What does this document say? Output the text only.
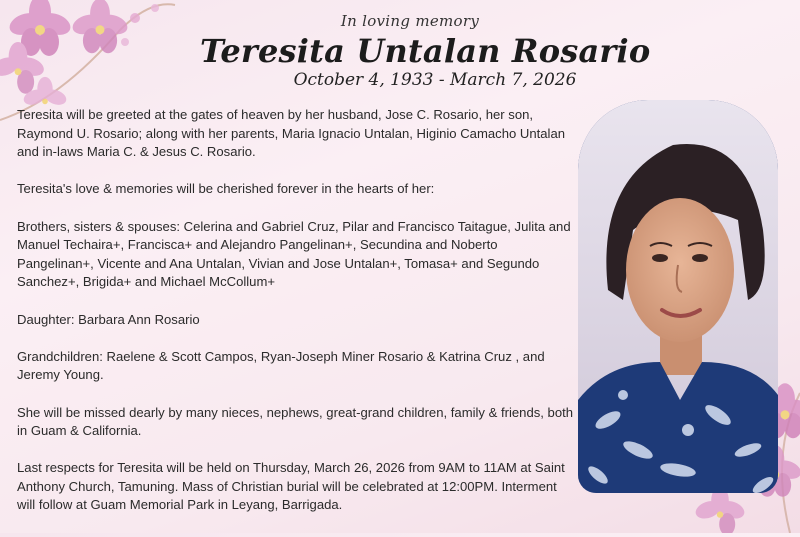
In loving memory
Teresita Untalan Rosario
October 4, 1933 - March 7, 2026

Teresita will be greeted at the gates of heaven by her husband, Jose C. Rosario, her son, Raymond U. Rosario; along with her parents, Maria Ignacio Untalan, Higinio Camacho Untalan and in-laws Maria C. & Jesus C. Rosario.

Teresita's love & memories will be cherished forever in the hearts of her:

Brothers, sisters & spouses: Celerina and Gabriel Cruz, Pilar and Francisco Taitague, Julita and Manuel Techaira+, Francisca+ and Alejandro Pangelinan+, Secundina and Noberto Pangelinan+, Vicente and Ana Untalan, Vivian and Jose Untalan+, Tomasa+ and Segundo Sanchez+, Brigida+ and Michael McCollum+

Daughter: Barbara Ann Rosario

Grandchildren: Raelene & Scott Campos, Ryan-Joseph Miner Rosario & Katrina Cruz , and Jeremy Young.

She will be missed dearly by many nieces, nephews, great-grand children, family & friends, both in Guam & California.

Last respects for Teresita will be held on Thursday, March 26, 2026 from 9AM to 11AM at Saint Anthony Church, Tamuning. Mass of Christian burial will be celebrated at 12:00PM. Interment will follow at Guam Memorial Park in Leyang, Barrigada.
